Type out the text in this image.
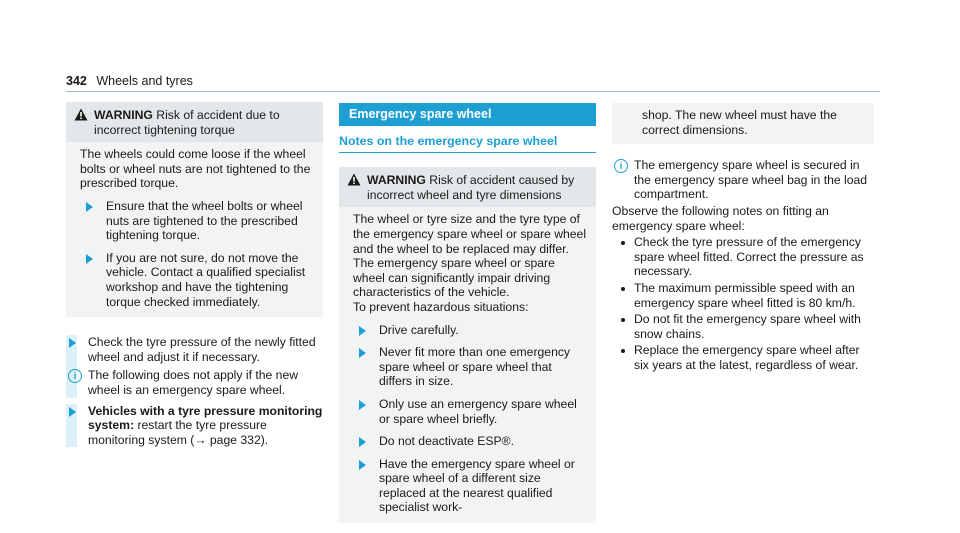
342 Wheels and tyres
WARNING Risk of accident due to incorrect tightening torque

The wheels could come loose if the wheel bolts or wheel nuts are not tightened to the prescribed torque.

Ensure that the wheel bolts or wheel nuts are tightened to the prescribed tightening torque.
If you are not sure, do not move the vehicle. Contact a qualified specialist workshop and have the tightening torque checked immediately.

Check the tyre pressure of the newly fitted wheel and adjust it if necessary.

i The following does not apply if the new wheel is an emergency spare wheel.

Vehicles with a tyre pressure monitoring system: restart the tyre pressure monitoring system (→ page 332).

Emergency spare wheel
Notes on the emergency spare wheel
WARNING Risk of accident caused by incorrect wheel and tyre dimensions

The wheel or tyre size and the tyre type of the emergency spare wheel or spare wheel and the wheel to be replaced may differ. The emergency spare wheel or spare wheel can significantly impair driving characteristics of the vehicle.

To prevent hazardous situations:

Drive carefully.
Never fit more than one emergency spare wheel or spare wheel that differs in size.
Only use an emergency spare wheel or spare wheel briefly.
Do not deactivate ESP®.
Have the emergency spare wheel or spare wheel of a different size replaced at the nearest qualified specialist work-

shop. The new wheel must have the correct dimensions.

i The emergency spare wheel is secured in the emergency spare wheel bag in the load compartment.

Observe the following notes on fitting an emergency spare wheel:

Check the tyre pressure of the emergency spare wheel fitted. Correct the pressure as necessary.
The maximum permissible speed with an emergency spare wheel fitted is 80 km/h.
Do not fit the emergency spare wheel with snow chains.
Replace the emergency spare wheel after six years at the latest, regardless of wear.
